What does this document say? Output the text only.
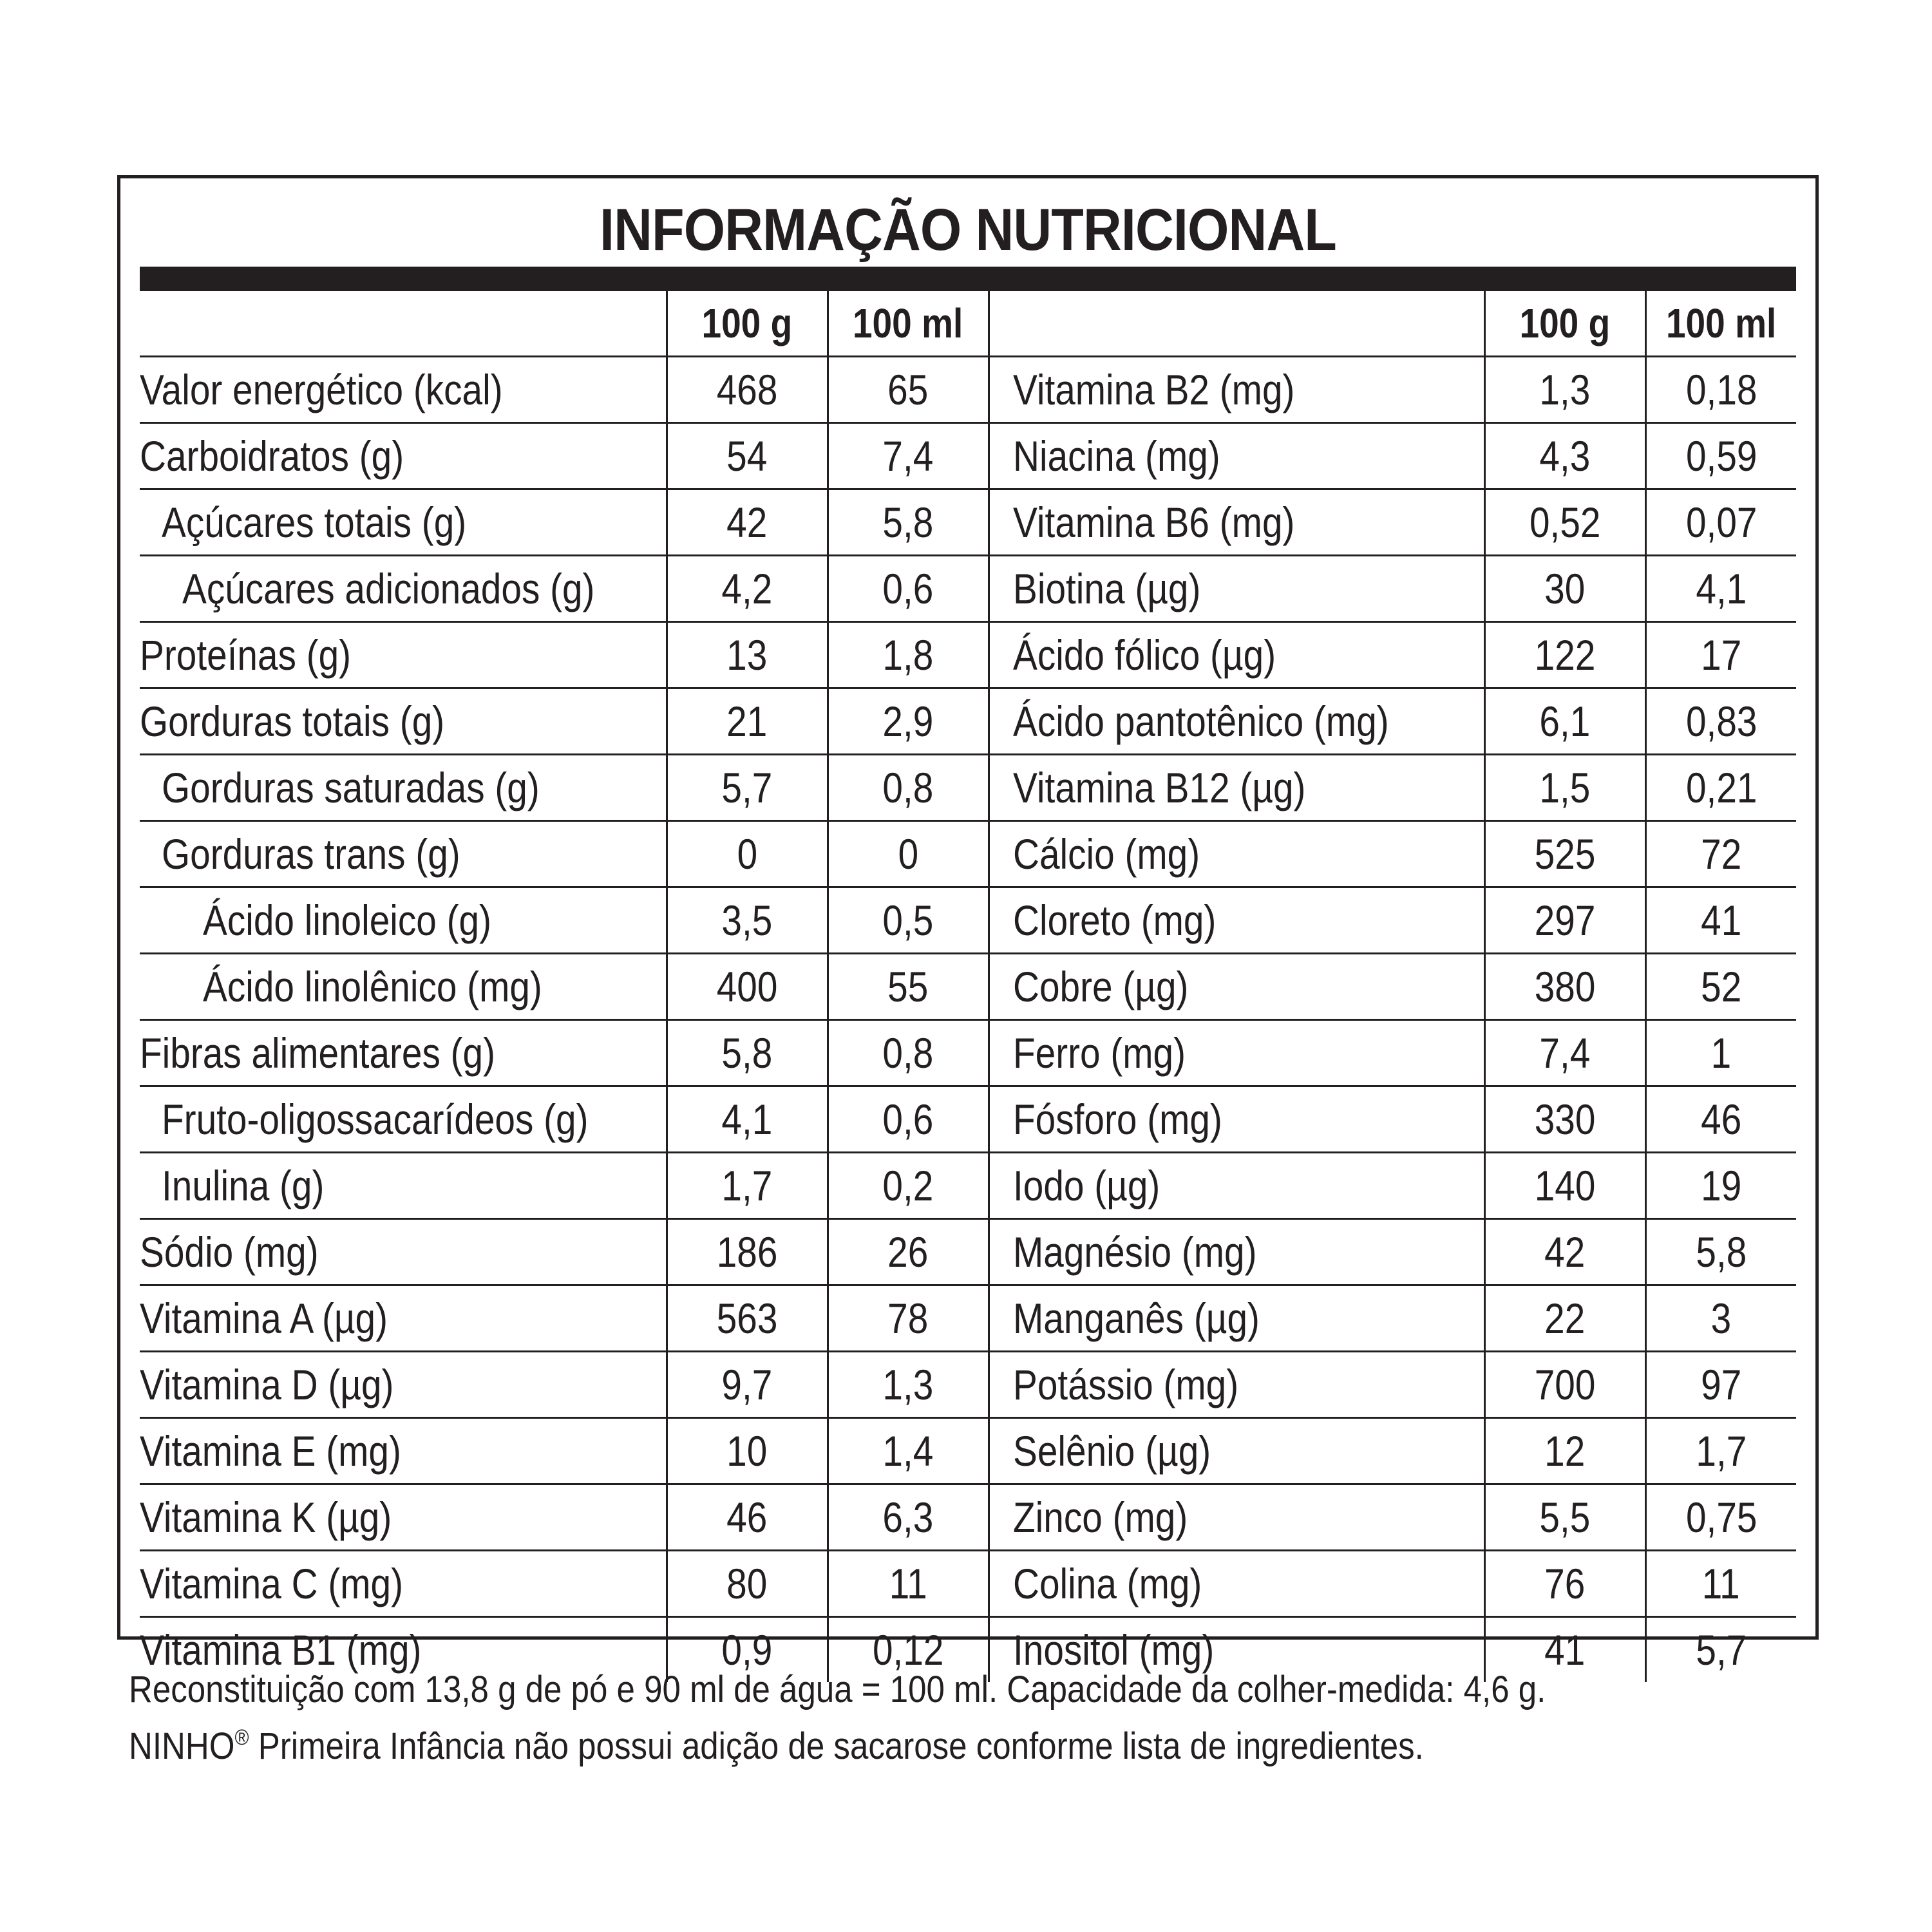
INFORMAÇÃO NUTRICIONAL
	100 g	100 ml		100 g	100 ml
Valor energético (kcal)	468	65	Vitamina B2 (mg)	1,3	0,18
Carboidratos (g)	54	7,4	Niacina (mg)	4,3	0,59
Açúcares totais (g)	42	5,8	Vitamina B6 (mg)	0,52	0,07
Açúcares adicionados (g)	4,2	0,6	Biotina (µg)	30	4,1
Proteínas (g)	13	1,8	Ácido fólico (µg)	122	17
Gorduras totais (g)	21	2,9	Ácido pantotênico (mg)	6,1	0,83
Gorduras saturadas (g)	5,7	0,8	Vitamina B12 (µg)	1,5	0,21
Gorduras trans (g)	0	0	Cálcio (mg)	525	72
Ácido linoleico (g)	3,5	0,5	Cloreto (mg)	297	41
Ácido linolênico (mg)	400	55	Cobre (µg)	380	52
Fibras alimentares (g)	5,8	0,8	Ferro (mg)	7,4	1
Fruto-oligossacarídeos (g)	4,1	0,6	Fósforo (mg)	330	46
Inulina (g)	1,7	0,2	Iodo (µg)	140	19
Sódio (mg)	186	26	Magnésio (mg)	42	5,8
Vitamina A (µg)	563	78	Manganês (µg)	22	3
Vitamina D (µg)	9,7	1,3	Potássio (mg)	700	97
Vitamina E (mg)	10	1,4	Selênio (µg)	12	1,7
Vitamina K (µg)	46	6,3	Zinco (mg)	5,5	0,75
Vitamina C (mg)	80	11	Colina (mg)	76	11
Vitamina B1 (mg)	0,9	0,12	Inositol (mg)	41	5,7
Reconstituição com 13,8 g de pó e 90 ml de água = 100 ml. Capacidade da colher-medida: 4,6 g.
NINHO® Primeira Infância não possui adição de sacarose conforme lista de ingredientes.
